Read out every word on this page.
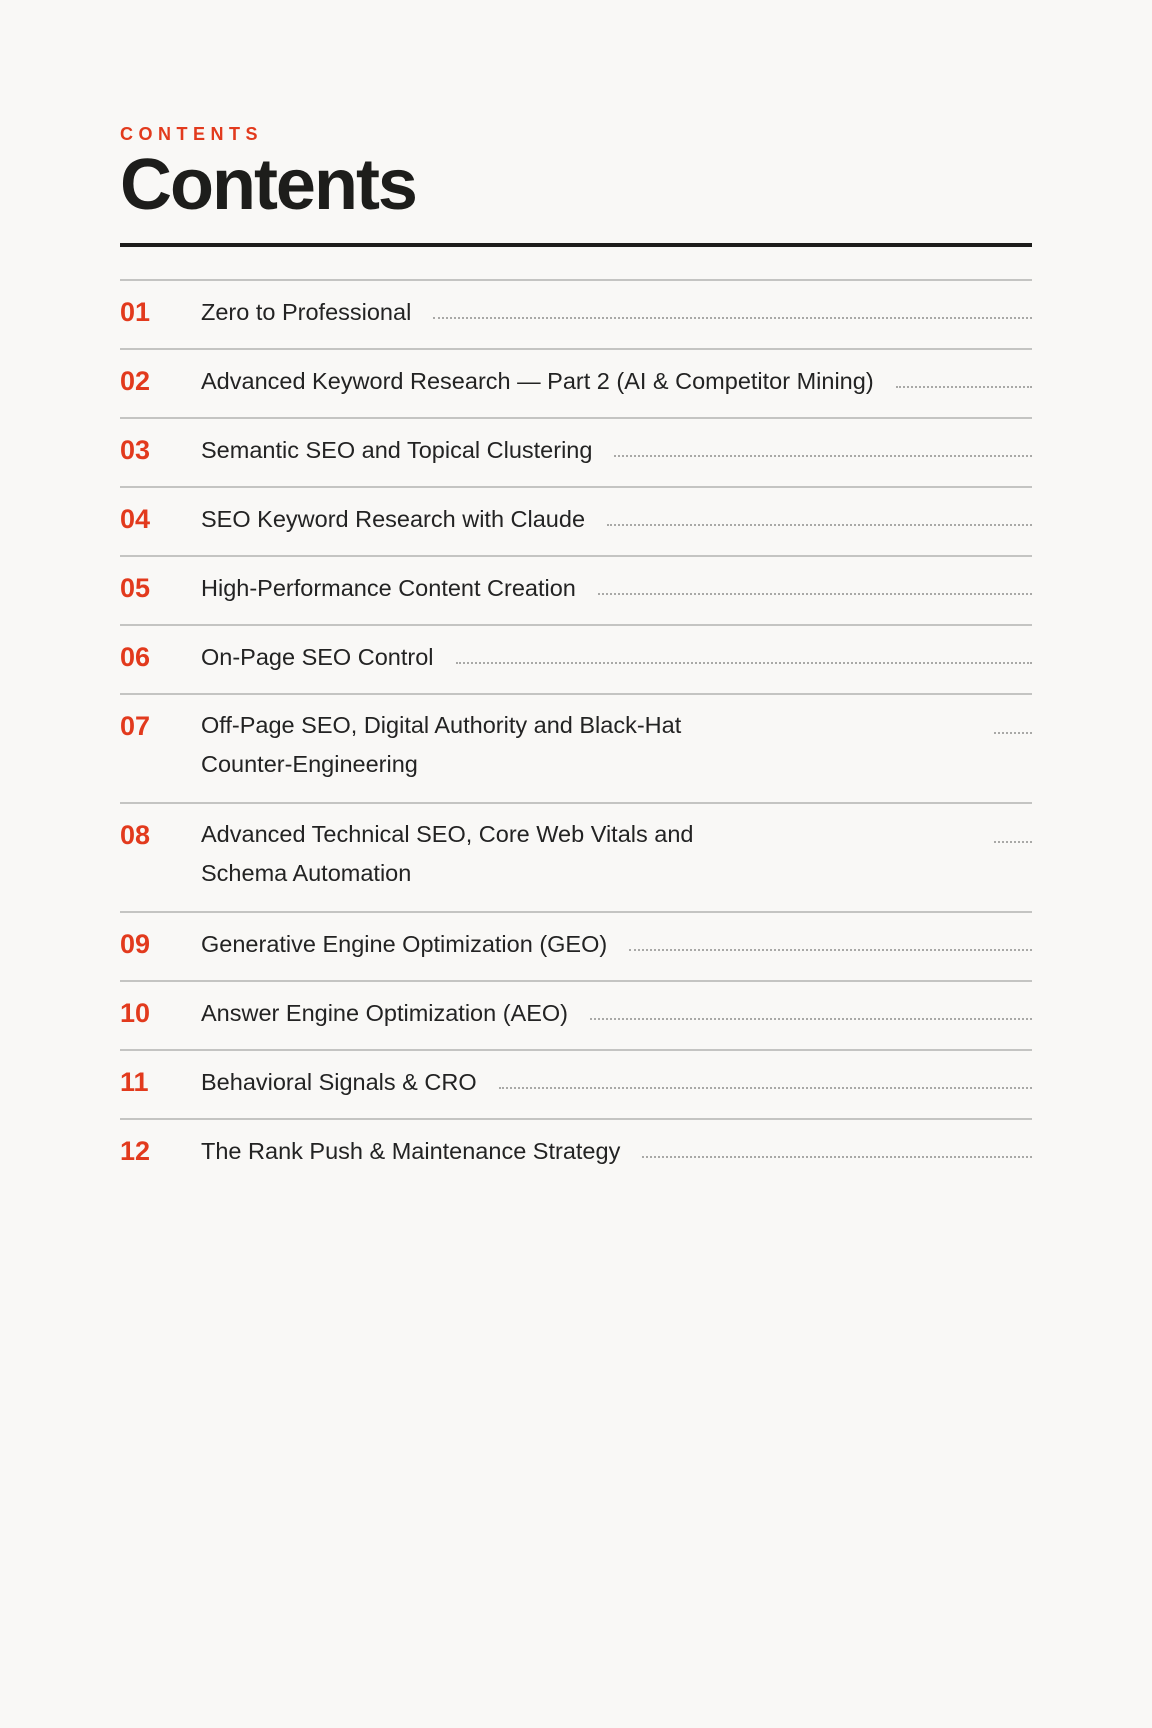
CONTENTS

Contents
01	Zero to Professional
02	Advanced Keyword Research — Part 2 (AI & Competitor Mining)
03	Semantic SEO and Topical Clustering
04	SEO Keyword Research with Claude
05	High-Performance Content Creation
06	On-Page SEO Control
07	Off-Page SEO, Digital Authority and Black-Hat Counter-Engineering
08	Advanced Technical SEO, Core Web Vitals and Schema Automation
09	Generative Engine Optimization (GEO)
10	Answer Engine Optimization (AEO)
11	Behavioral Signals & CRO
12	The Rank Push & Maintenance Strategy
